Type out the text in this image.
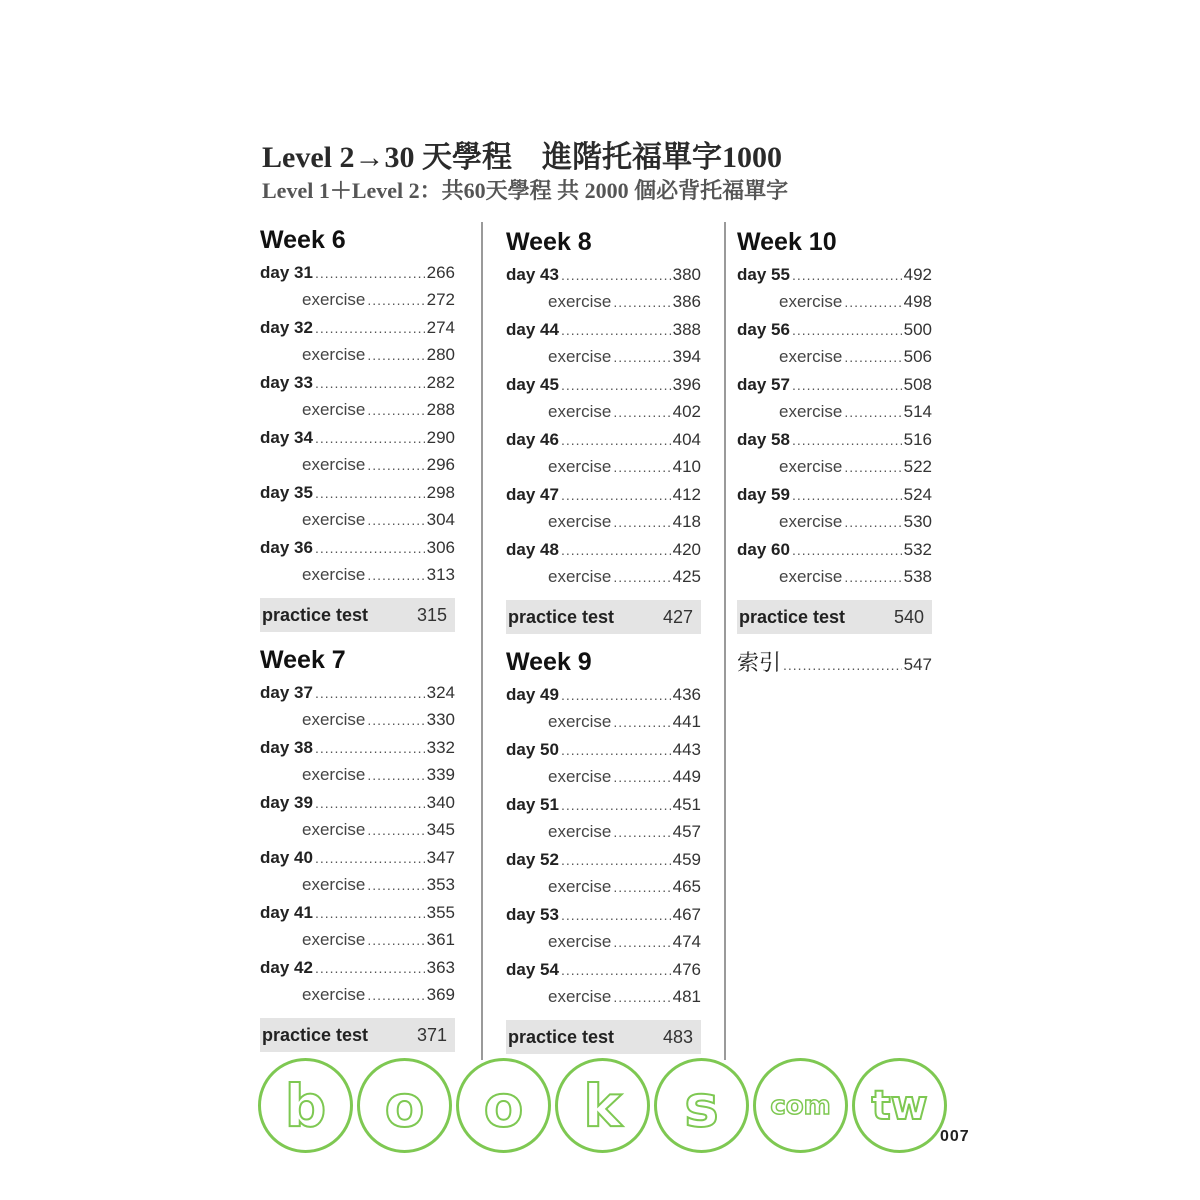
Level 2→30 天學程　進階托福單字1000
Level 1＋Level 2：共60天學程 共 2000 個必背托福單字
Week 6
day 31 .....	266
exercise .....	272
day 32 .....	274
exercise .....	280
day 33 .....	282
exercise .....	288
day 34 .....	290
exercise .....	296
day 35 .....	298
exercise .....	304
day 36 .....	306
exercise .....	313
practice test	315
Week 7
day 37 .....	324
exercise .....	330
day 38 .....	332
exercise .....	339
day 39 .....	340
exercise .....	345
day 40 .....	347
exercise .....	353
day 41 .....	355
exercise .....	361
day 42 .....	363
exercise .....	369
practice test	371
Week 8
day 43 .....	380
exercise .....	386
day 44 .....	388
exercise .....	394
day 45 .....	396
exercise .....	402
day 46 .....	404
exercise .....	410
day 47 .....	412
exercise .....	418
day 48 .....	420
exercise .....	425
practice test	427
Week 9
day 49 .....	436
exercise .....	441
day 50 .....	443
exercise .....	449
day 51 .....	451
exercise .....	457
day 52 .....	459
exercise .....	465
day 53 .....	467
exercise .....	474
day 54 .....	476
exercise .....	481
practice test	483
Week 10
day 55 .....	492
exercise .....	498
day 56 .....	500
exercise .....	506
day 57 .....	508
exercise .....	514
day 58 .....	516
exercise .....	522
day 59 .....	524
exercise .....	530
day 60 .....	532
exercise .....	538
practice test	540
索引 .....	547
b	o	o	k	s	com	tw
007
